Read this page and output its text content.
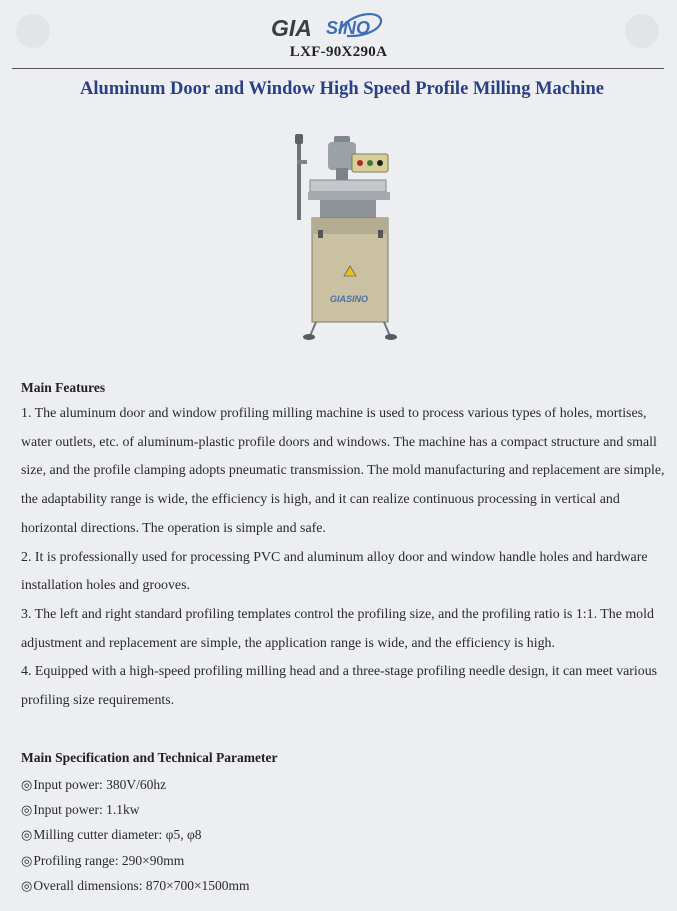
GIA SINO
LXF-90X290A
Aluminum Door and Window High Speed Profile Milling Machine
GIASINO
Main Features

1. The aluminum door and window profiling milling machine is used to process various types of holes, mortises, water outlets, etc. of aluminum-plastic profile doors and windows. The machine has a compact structure and small size, and the profile clamping adopts pneumatic transmission. The mold manufacturing and replacement are simple, the adaptability range is wide, the efficiency is high, and it can realize continuous processing in vertical and horizontal directions. The operation is simple and safe.

2. It is professionally used for processing PVC and aluminum alloy door and window handle holes and hardware installation holes and grooves.

3. The left and right standard profiling templates control the profiling size, and the profiling ratio is 1:1. The mold adjustment and replacement are simple, the application range is wide, and the efficiency is high.

4. Equipped with a high-speed profiling milling head and a three-stage profiling needle design, it can meet various profiling size requirements.

Main Specification and Technical Parameter
◎Input power: 380V/60hz
◎Input power: 1.1kw
◎Milling cutter diameter: φ5, φ8
◎Profiling range: 290×90mm
◎Overall dimensions: 870×700×1500mm
